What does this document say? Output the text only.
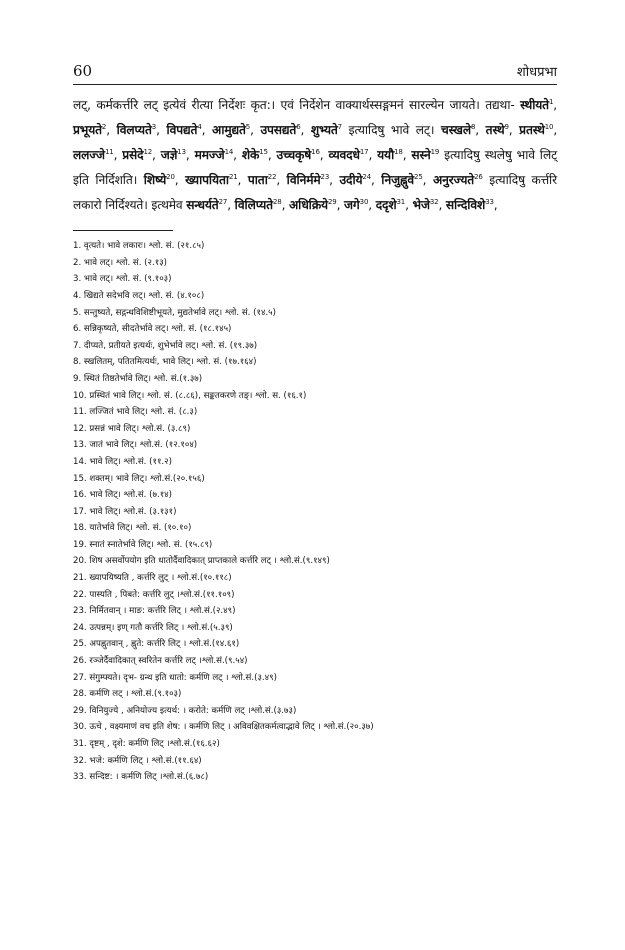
60	शोधप्रभा

लट्, कर्मकर्त्तरि लट् इत्येवं रीत्या निर्देशः कृत:। एवं निर्देशेन वाक्यार्थस्सङ्गमनं सारल्येन जायते। तद्यथा- स्थीयते$^1$, प्रभूयते$^2$, विलप्यते$^3$, विपद्यते$^4$, आमुद्यते$^5$, उपसद्यते$^6$, शुभ्यते$^7$ इत्यादिषु भावे लट्। चस्खले$^8$, तस्थे$^9$, प्रतस्थे$^{10}$, ललज्जे$^{11}$, प्रसेदे$^{12}$, जज्ञे$^{13}$, ममज्जे$^{14}$, शेके$^{15}$, उच्चकृषे$^{16}$, व्यवदधे$^{17}$, ययौ$^{18}$, सस्ने$^{19}$ इत्यादिषु स्थलेषु भावे लिट् इति निर्दिशति। शिष्ये$^{20}$, ख्यापयिता$^{21}$, पाता$^{22}$, विनिर्ममे$^{23}$, उदीये$^{24}$, निजुह्नुवे$^{25}$, अनुरज्यते$^{26}$ इत्यादिषु कर्त्तरि लकारो निर्दिश्यते। इत्थमेव सन्धर्यते$^{27}$, विलिप्यते$^{28}$, अधिक्रिये$^{29}$, जगे$^{30}$, ददृशे$^{31}$, भेजे$^{32}$, सन्दिविशे$^{33}$,

1. वृत्यते। भावे लकारः। श्लो. सं. (२१.८५)
2. भावे लट्। श्लो. सं. (२.१३)
3. भावे लट्। श्लो. सं. (९.१०३)
4. खिद्यते सदेभवि लट्। श्लो. सं. (४.१०८)
5. सन्तुष्यते, सद्गन्धविशिष्टीभूयते, मुद्यतेर्भावे लट्। श्लो. सं. (१४.५)
6. सन्निकृष्यते, सीदतेर्भावे लट्। श्लो. सं. (१८.१४५)
7. दीप्यते, प्रतीयते इत्यर्थः, शुभेर्भावे लट्। श्लो. सं. (१९.३७)
8. स्खलितम्, पतितमित्यर्थः, भावे लिट्। श्लो. सं. (१७.१६४)
9. स्थितं तिष्ठतेर्भावे लिट्। श्लो. सं.(१.३७)
10. प्रस्थितं भावे लिट्। श्लो. सं. (८.८६), सङ्कतकरणे तङ्। श्लो. स. (१६.१)
11. लज्जितं भावे लिट्। श्लो. सं. (८.३)
12. प्रसन्नं भावे लिट्। श्लो.सं. (३.८९)
13. जातं भावे लिट्। श्लो.सं. (१२.१०४)
14. भावे लिट्। श्लो.सं. (११.२)
15. शक्तम्। भावे लिट्। श्लो.सं.(२०.१५६)
16. भावे लिट्। श्लो.सं. (७.१४)
17. भावे लिट्। श्लो.सं. (३.१३१)
18. यातेर्भावे लिट्। श्लो. सं. (१०.१०)
19. स्नातं स्नातेर्भावे लिट्। श्लो. सं. (१५.८९)
20. शिष असर्वोपयोग इति धातोर्दैवादिकात् प्राप्तकाले कर्त्तरि लट् । श्लो.सं.(९.१४९)
21. ख्यापयिष्यति , कर्त्तरि लुट् । श्लो.सं.(१०.११८)
22. पास्यति , पिबते: कर्त्तरि लुट् ।श्लो.सं.(११.१०९)
23. निर्मितवान् । माङ: कर्त्तरि लिट् । श्लो.सं.(२.४९)
24. उत्पन्नम्। इण् गतौ कर्त्तरि लिट् । श्लो.सं.(५.३९)
25. अपह्नुतवान् , ह्नुते: कर्त्तरि लिट् । श्लो.सं.(१४.६१)
26. रञ्जेर्दैवादिकात् स्वरितेन कर्त्तरि लट् ।श्लो.सं.(९.५४)
27. संगुम्फ्यते। दृभ- ग्रन्थ इति धातो: कर्मणि लट् । श्लो.सं.(३.४९)
28. कर्मणि लट् । श्लो.सं.(९.१०३)
29. विनियुज्ये , अनियोज्य इत्यर्थ: । करोते: कर्मणि लट् ।श्लो.सं.(३.७३)
30. ऊचे , वक्ष्यमाणं वच इति शेष: । कर्मणि लिट् । अविवक्षितकर्मत्वाद्भावे लिट् । श्लो.सं.(२०.३७)
31. दृष्टम् , दृशे: कर्मणि लिट् ।श्लो.सं.(१६.६२)
32. भजे: कर्मणि लिट् । श्लो.सं.(११.६४)
33. सन्दिष्ट: । कर्मणि लिट् ।श्लो.सं.(६.७८)
